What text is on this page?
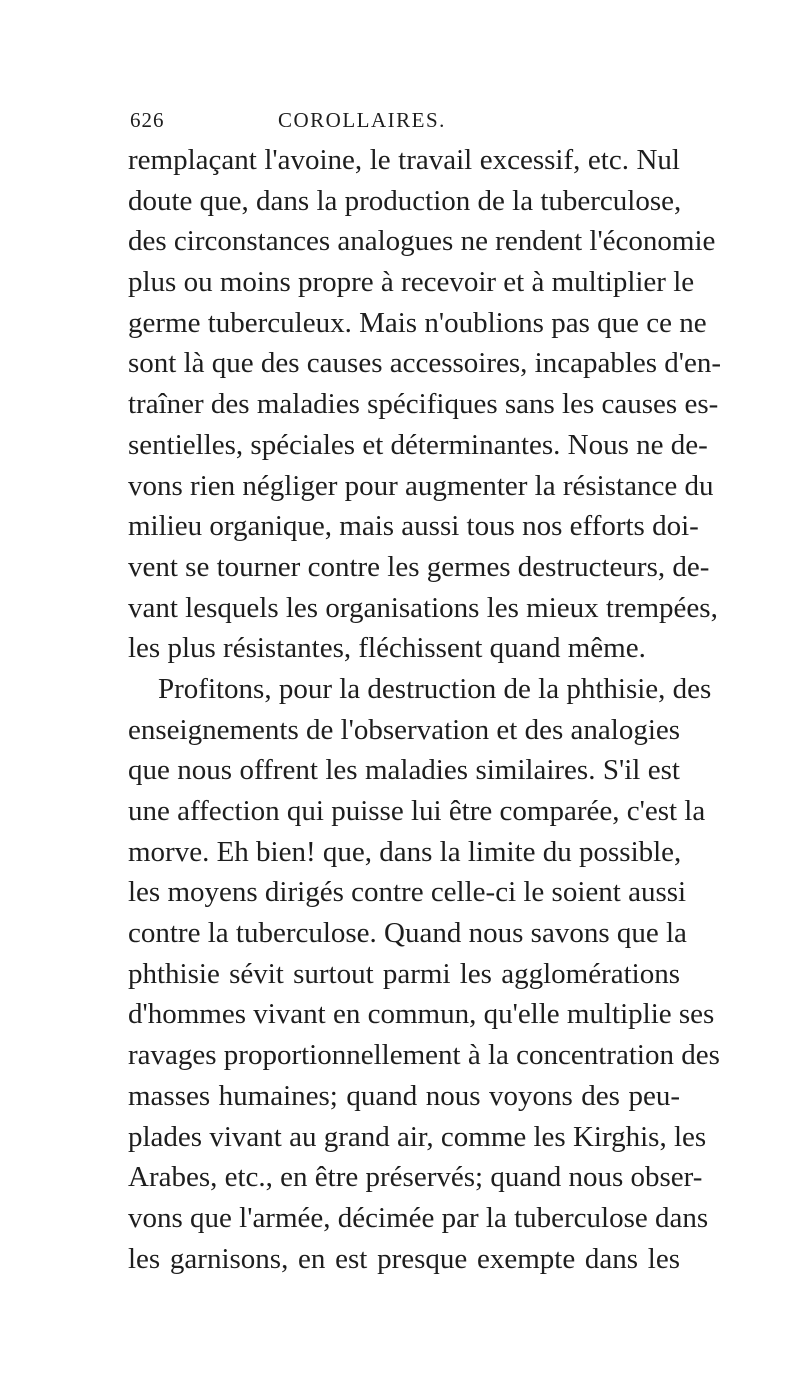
626	COROLLAIRES.
remplaçant l'avoine, le travail excessif, etc. Nul
doute que, dans la production de la tuberculose,
des circonstances analogues ne rendent l'économie
plus ou moins propre à recevoir et à multiplier le
germe tuberculeux. Mais n'oublions pas que ce ne
sont là que des causes accessoires, incapables d'en-
traîner des maladies spécifiques sans les causes es-
sentielles, spéciales et déterminantes. Nous ne de-
vons rien négliger pour augmenter la résistance du
milieu organique, mais aussi tous nos efforts doi-
vent se tourner contre les germes destructeurs, de-
vant lesquels les organisations les mieux trempées,
les plus résistantes, fléchissent quand même.
Profitons, pour la destruction de la phthisie, des
enseignements de l'observation et des analogies
que nous offrent les maladies similaires. S'il est
une affection qui puisse lui être comparée, c'est la
morve. Eh bien! que, dans la limite du possible,
les moyens dirigés contre celle-ci le soient aussi
contre la tuberculose. Quand nous savons que la
phthisie sévit surtout parmi les agglomérations
d'hommes vivant en commun, qu'elle multiplie ses
ravages proportionnellement à la concentration des
masses humaines; quand nous voyons des peu-
plades vivant au grand air, comme les Kirghis, les
Arabes, etc., en être préservés; quand nous obser-
vons que l'armée, décimée par la tuberculose dans
les garnisons, en est presque exempte dans les
